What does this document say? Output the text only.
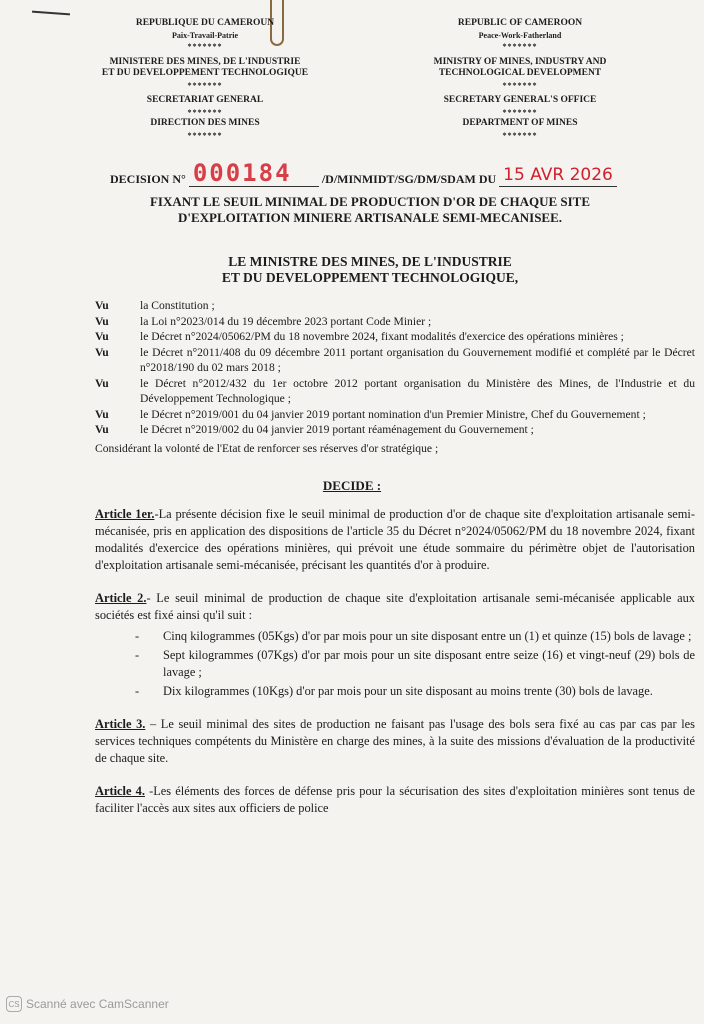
REPUBLIQUE DU CAMEROUN
Paix-Travail-Patrie
*******
MINISTERE DES MINES, DE L'INDUSTRIE
ET DU DEVELOPPEMENT TECHNOLOGIQUE
*******
SECRETARIAT GENERAL
*******
DIRECTION DES MINES
*******
REPUBLIC OF CAMEROON
Peace-Work-Fatherland
*******
MINISTRY OF MINES, INDUSTRY AND
TECHNOLOGICAL DEVELOPMENT
*******
SECRETARY GENERAL'S OFFICE
*******
DEPARTMENT OF MINES
*******
DECISION N° 000184	/D/MINMIDT/SG/DM/SDAM DU 15 AVR 2026
FIXANT LE SEUIL MINIMAL DE PRODUCTION D'OR DE CHAQUE SITE
D'EXPLOITATION MINIERE ARTISANALE SEMI-MECANISEE.
LE MINISTRE DES MINES, DE L'INDUSTRIE
ET DU DEVELOPPEMENT TECHNOLOGIQUE,
Vu	la Constitution ;
Vu	la Loi n°2023/014 du 19 décembre 2023 portant Code Minier ;
Vu	le Décret n°2024/05062/PM du 18 novembre 2024, fixant modalités d'exercice des opérations minières ;
Vu	le Décret n°2011/408 du 09 décembre 2011 portant organisation du Gouvernement modifié et complété par le Décret n°2018/190 du 02 mars 2018 ;
Vu	le Décret n°2012/432 du 1er octobre 2012 portant organisation du Ministère des Mines, de l'Industrie et du Développement Technologique ;
Vu	le Décret n°2019/001 du 04 janvier 2019 portant nomination d'un Premier Ministre, Chef du Gouvernement ;
Vu	le Décret n°2019/002 du 04 janvier 2019 portant réaménagement du Gouvernement ;
Considérant la volonté de l'Etat de renforcer ses réserves d'or stratégique ;
DECIDE :
Article 1er.-La présente décision fixe le seuil minimal de production d'or de chaque site d'exploitation artisanale semi-mécanisée, pris en application des dispositions de l'article 35 du Décret n°2024/05062/PM du 18 novembre 2024, fixant modalités d'exercice des opérations minières, qui prévoit une étude sommaire du périmètre objet de l'autorisation d'exploitation artisanale semi-mécanisée, précisant les quantités d'or à produire.
Article 2.- Le seuil minimal de production de chaque site d'exploitation artisanale semi-mécanisée applicable aux sociétés est fixé ainsi qu'il suit :
-	Cinq kilogrammes (05Kgs) d'or par mois pour un site disposant entre un (1) et quinze (15) bols de lavage ;
-	Sept kilogrammes (07Kgs) d'or par mois pour un site disposant entre seize (16) et vingt-neuf (29) bols de lavage ;
-	Dix kilogrammes (10Kgs) d'or par mois pour un site disposant au moins trente (30) bols de lavage.
Article 3. – Le seuil minimal des sites de production ne faisant pas l'usage des bols sera fixé au cas par cas par les services techniques compétents du Ministère en charge des mines, à la suite des missions d'évaluation de la productivité de chaque site.
Article 4. -Les éléments des forces de défense pris pour la sécurisation des sites d'exploitation minières sont tenus de faciliter l'accès aux sites aux officiers de police
CS Scanné avec CamScanner
